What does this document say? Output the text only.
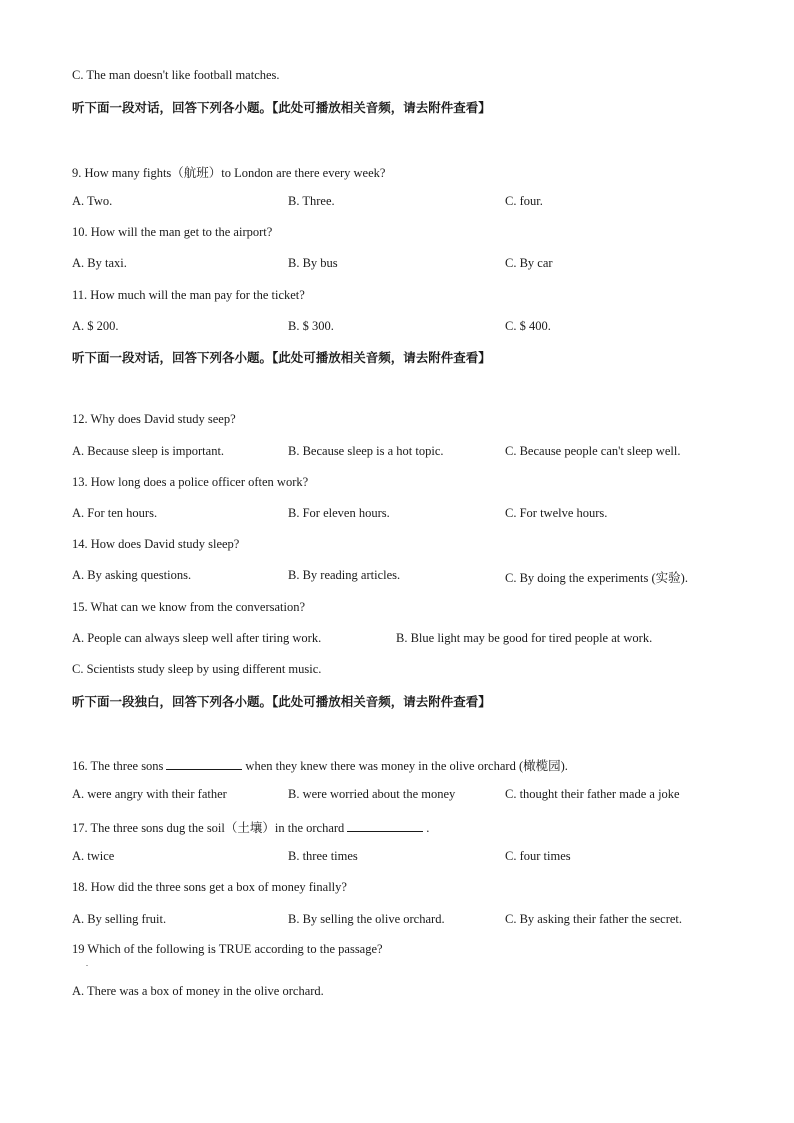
C. The man doesn't like football matches.
听下面一段对话，回答下列各小题。【此处可播放相关音频，请去附件查看】
9. How many fights（航班）to London are there every week?
A. Two.	B. Three.	C. four.
10. How will the man get to the airport?
A. By taxi.	B. By bus	C. By car
11. How much will the man pay for the ticket?
A. $ 200.	B. $ 300.	C. $ 400.
听下面一段对话，回答下列各小题。【此处可播放相关音频，请去附件查看】
12. Why does David study seep?
A. Because sleep is important.	B. Because sleep is a hot topic.	C. Because people can't sleep well.
13. How long does a police officer often work?
A. For ten hours.	B. For eleven hours.	C. For twelve hours.
14. How does David study sleep?
A. By asking questions.	B. By reading articles.	C. By doing the experiments (实验).
15. What can we know from the conversation?
A. People can always sleep well after tiring work.	B. Blue light may be good for tired people at work.
C. Scientists study sleep by using different music.
听下面一段独白，回答下列各小题。【此处可播放相关音频，请去附件查看】
16. The three sons	when they knew there was money in the olive orchard (橄榄园).
A. were angry with their father	B. were worried about the money	C. thought their father made a joke
17. The three sons dug the soil（土壤）in the orchard	.
A. twice	B. three times	C. four times
18. How did the three sons get a box of money finally?
A. By selling fruit.	B. By selling the olive orchard.	C. By asking their father the secret.
19 Which of the following is TRUE according to the passage?
.
A. There was a box of money in the olive orchard.
